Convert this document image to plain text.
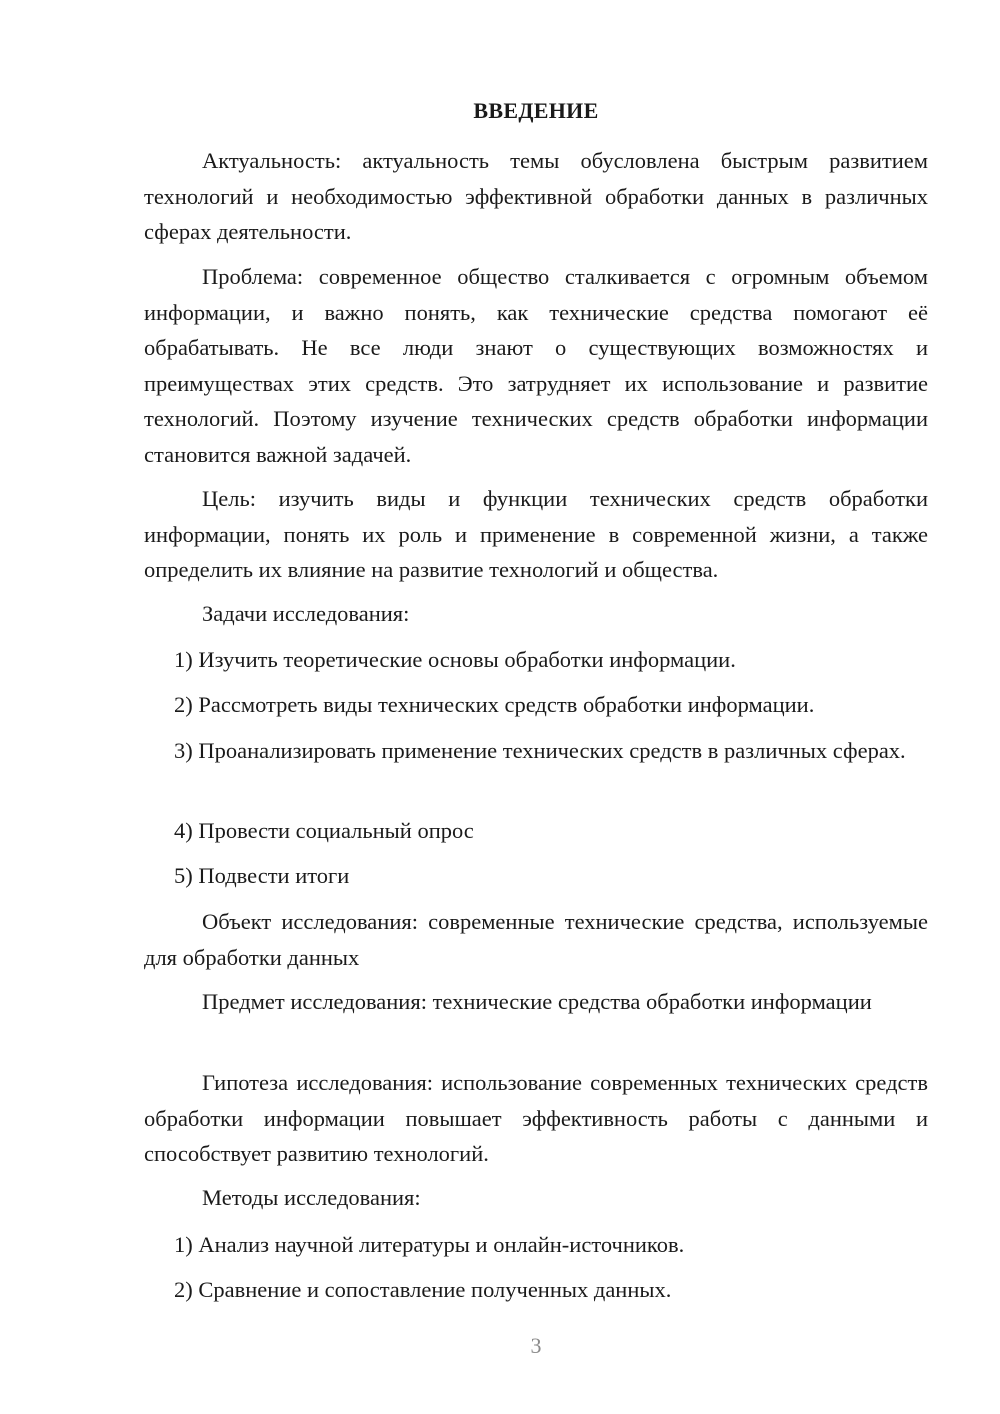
ВВЕДЕНИЕ
Актуальность: актуальность темы обусловлена быстрым развитием технологий и необходимостью эффективной обработки данных в различных сферах деятельности.
Проблема: современное общество сталкивается с огромным объемом информации, и важно понять, как технические средства помогают её обрабатывать. Не все люди знают о существующих возможностях и преимуществах этих средств. Это затрудняет их использование и развитие технологий. Поэтому изучение технических средств обработки информации становится важной задачей.
Цель: изучить виды и функции технических средств обработки информации, понять их роль и применение в современной жизни, а также определить их влияние на развитие технологий и общества.
Задачи исследования:
1) Изучить теоретические основы обработки информации.
2) Рассмотреть виды технических средств обработки информации.
3) Проанализировать применение технических средств в различных сферах.
4) Провести социальный опрос
5) Подвести итоги
Объект исследования: современные технические средства, используемые для обработки данных
Предмет исследования: технические средства обработки информации
Гипотеза исследования: использование современных технических средств обработки информации повышает эффективность работы с данными и способствует развитию технологий.
Методы исследования:
1) Анализ научной литературы и онлайн-источников.
2) Сравнение и сопоставление полученных данных.
3
